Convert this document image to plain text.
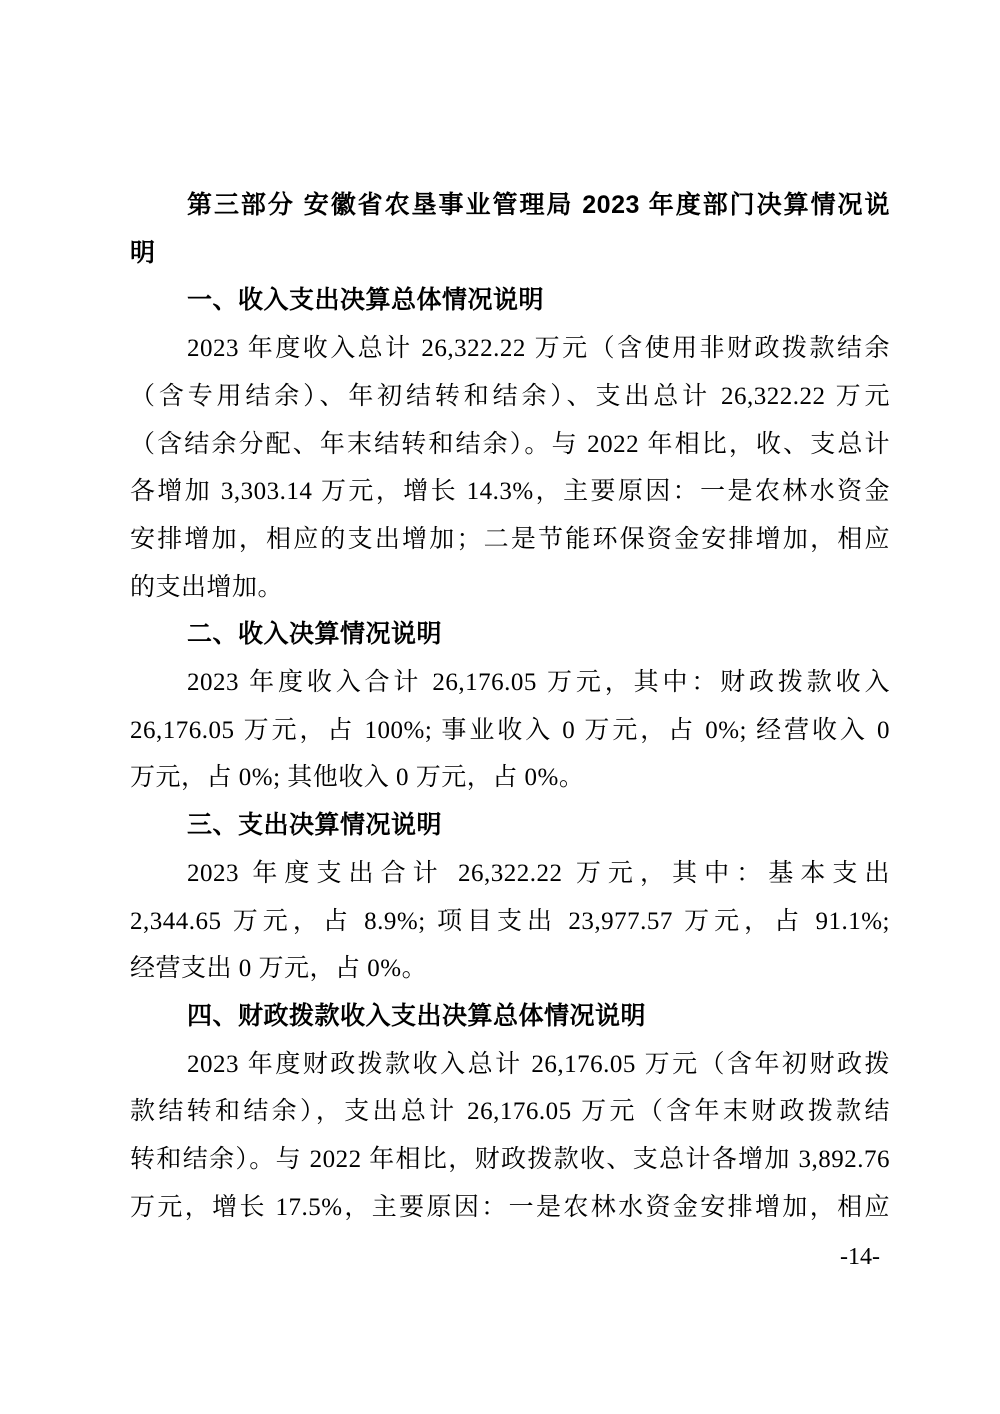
第三部分 安徽省农垦事业管理局 2023 年度部门决算情况说
明
一、收入支出决算总体情况说明
2023 年度收入总计 26,322.22 万元（含使用非财政拨款结余
（含专用结余）、年初结转和结余）、支出总计 26,322.22 万元
（含结余分配、年末结转和结余）。与 2022 年相比，收、支总计
各增加 3,303.14 万元，增长 14.3%，主要原因：一是农林水资金
安排增加，相应的支出增加；二是节能环保资金安排增加，相应
的支出增加。
二、收入决算情况说明
2023 年度收入合计 26,176.05 万元，其中：财政拨款收入
26,176.05 万元，占 100%; 事业收入 0 万元，占 0%; 经营收入 0
万元，占 0%; 其他收入 0 万元，占 0%。
三、支出决算情况说明
2023 年度支出合计 26,322.22 万元，其中：基本支出
2,344.65 万元，占 8.9%; 项目支出 23,977.57 万元，占 91.1%;
经营支出 0 万元，占 0%。
四、财政拨款收入支出决算总体情况说明
2023 年度财政拨款收入总计 26,176.05 万元（含年初财政拨
款结转和结余），支出总计 26,176.05 万元（含年末财政拨款结
转和结余）。与 2022 年相比，财政拨款收、支总计各增加 3,892.76
万元，增长 17.5%，主要原因：一是农林水资金安排增加，相应
-14-
